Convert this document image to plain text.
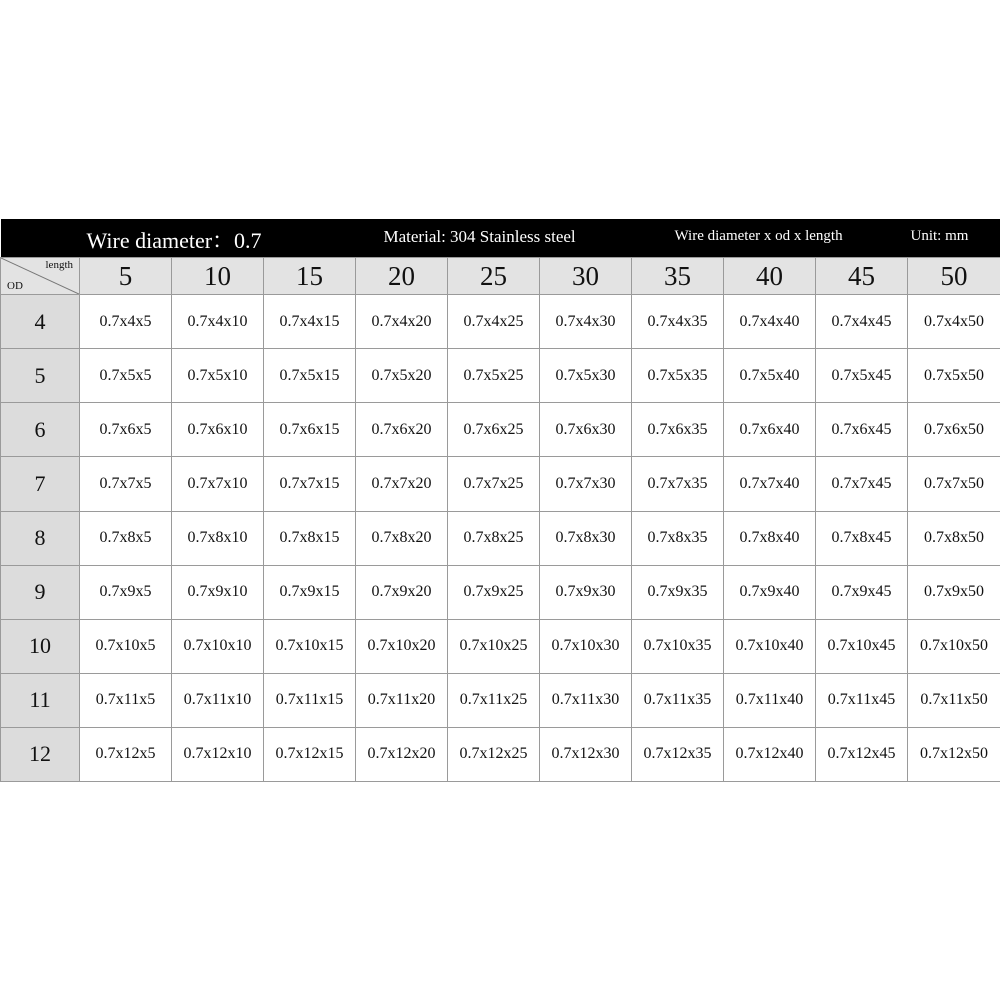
Wire diameter：0.7 Material: 304 Stainless steel Wire diameter x od x length Unit: mm										

length
OD	5	10	15	20	25	30	35	40	45	50
4	0.7x4x5	0.7x4x10	0.7x4x15	0.7x4x20	0.7x4x25	0.7x4x30	0.7x4x35	0.7x4x40	0.7x4x45	0.7x4x50
5	0.7x5x5	0.7x5x10	0.7x5x15	0.7x5x20	0.7x5x25	0.7x5x30	0.7x5x35	0.7x5x40	0.7x5x45	0.7x5x50
6	0.7x6x5	0.7x6x10	0.7x6x15	0.7x6x20	0.7x6x25	0.7x6x30	0.7x6x35	0.7x6x40	0.7x6x45	0.7x6x50
7	0.7x7x5	0.7x7x10	0.7x7x15	0.7x7x20	0.7x7x25	0.7x7x30	0.7x7x35	0.7x7x40	0.7x7x45	0.7x7x50
8	0.7x8x5	0.7x8x10	0.7x8x15	0.7x8x20	0.7x8x25	0.7x8x30	0.7x8x35	0.7x8x40	0.7x8x45	0.7x8x50
9	0.7x9x5	0.7x9x10	0.7x9x15	0.7x9x20	0.7x9x25	0.7x9x30	0.7x9x35	0.7x9x40	0.7x9x45	0.7x9x50
10	0.7x10x5	0.7x10x10	0.7x10x15	0.7x10x20	0.7x10x25	0.7x10x30	0.7x10x35	0.7x10x40	0.7x10x45	0.7x10x50
11	0.7x11x5	0.7x11x10	0.7x11x15	0.7x11x20	0.7x11x25	0.7x11x30	0.7x11x35	0.7x11x40	0.7x11x45	0.7x11x50
12	0.7x12x5	0.7x12x10	0.7x12x15	0.7x12x20	0.7x12x25	0.7x12x30	0.7x12x35	0.7x12x40	0.7x12x45	0.7x12x50
